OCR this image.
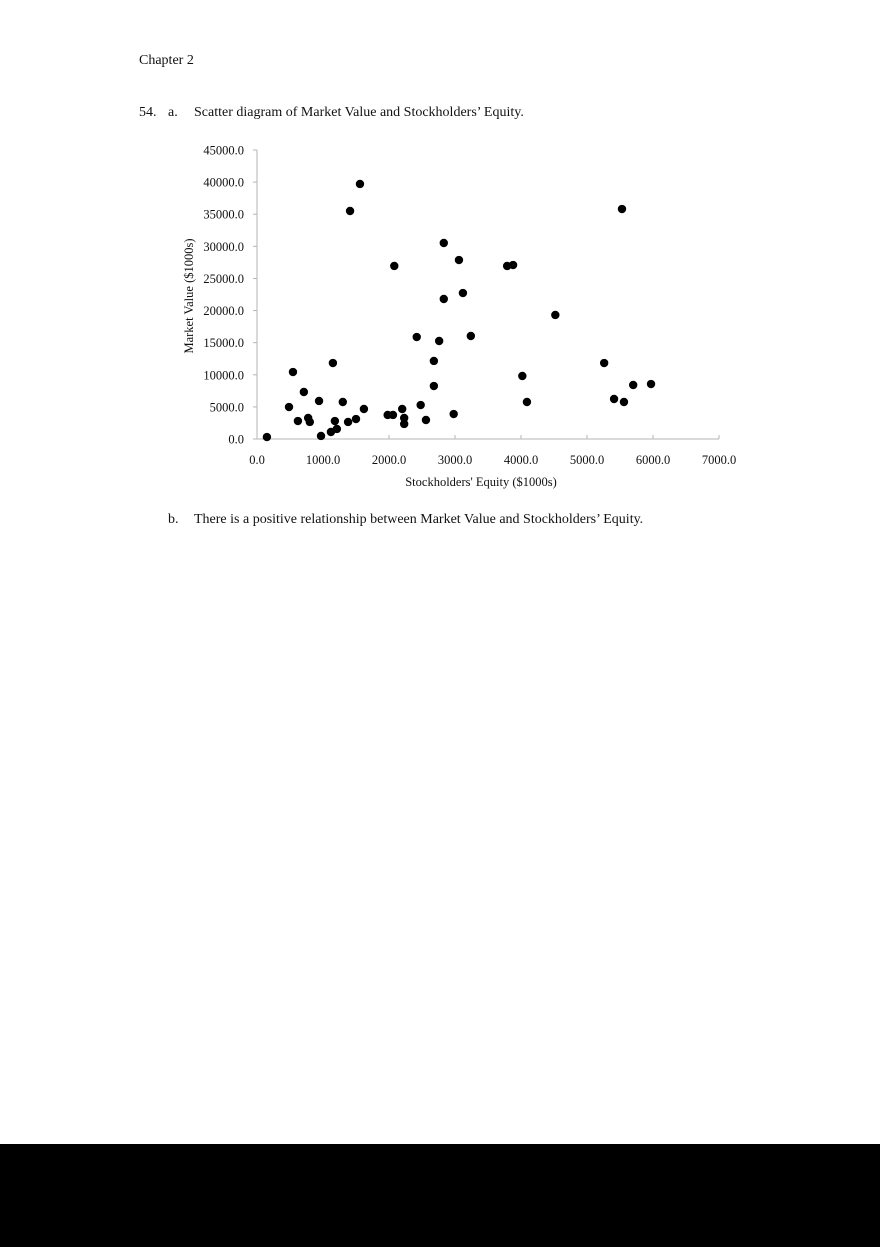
Chapter 2
54. a. Scatter diagram of Market Value and Stockholders’ Equity.
0.0	1000.0	2000.0	3000.0	4000.0	5000.0	6000.0	7000.0
0.0
5000.0
10000.0
15000.0
20000.0
25000.0
30000.0
35000.0
40000.0
45000.0
Stockholders' Equity ($1000s)
Market Value ($1000s)
b. There is a positive relationship between Market Value and Stockholders’ Equity.
